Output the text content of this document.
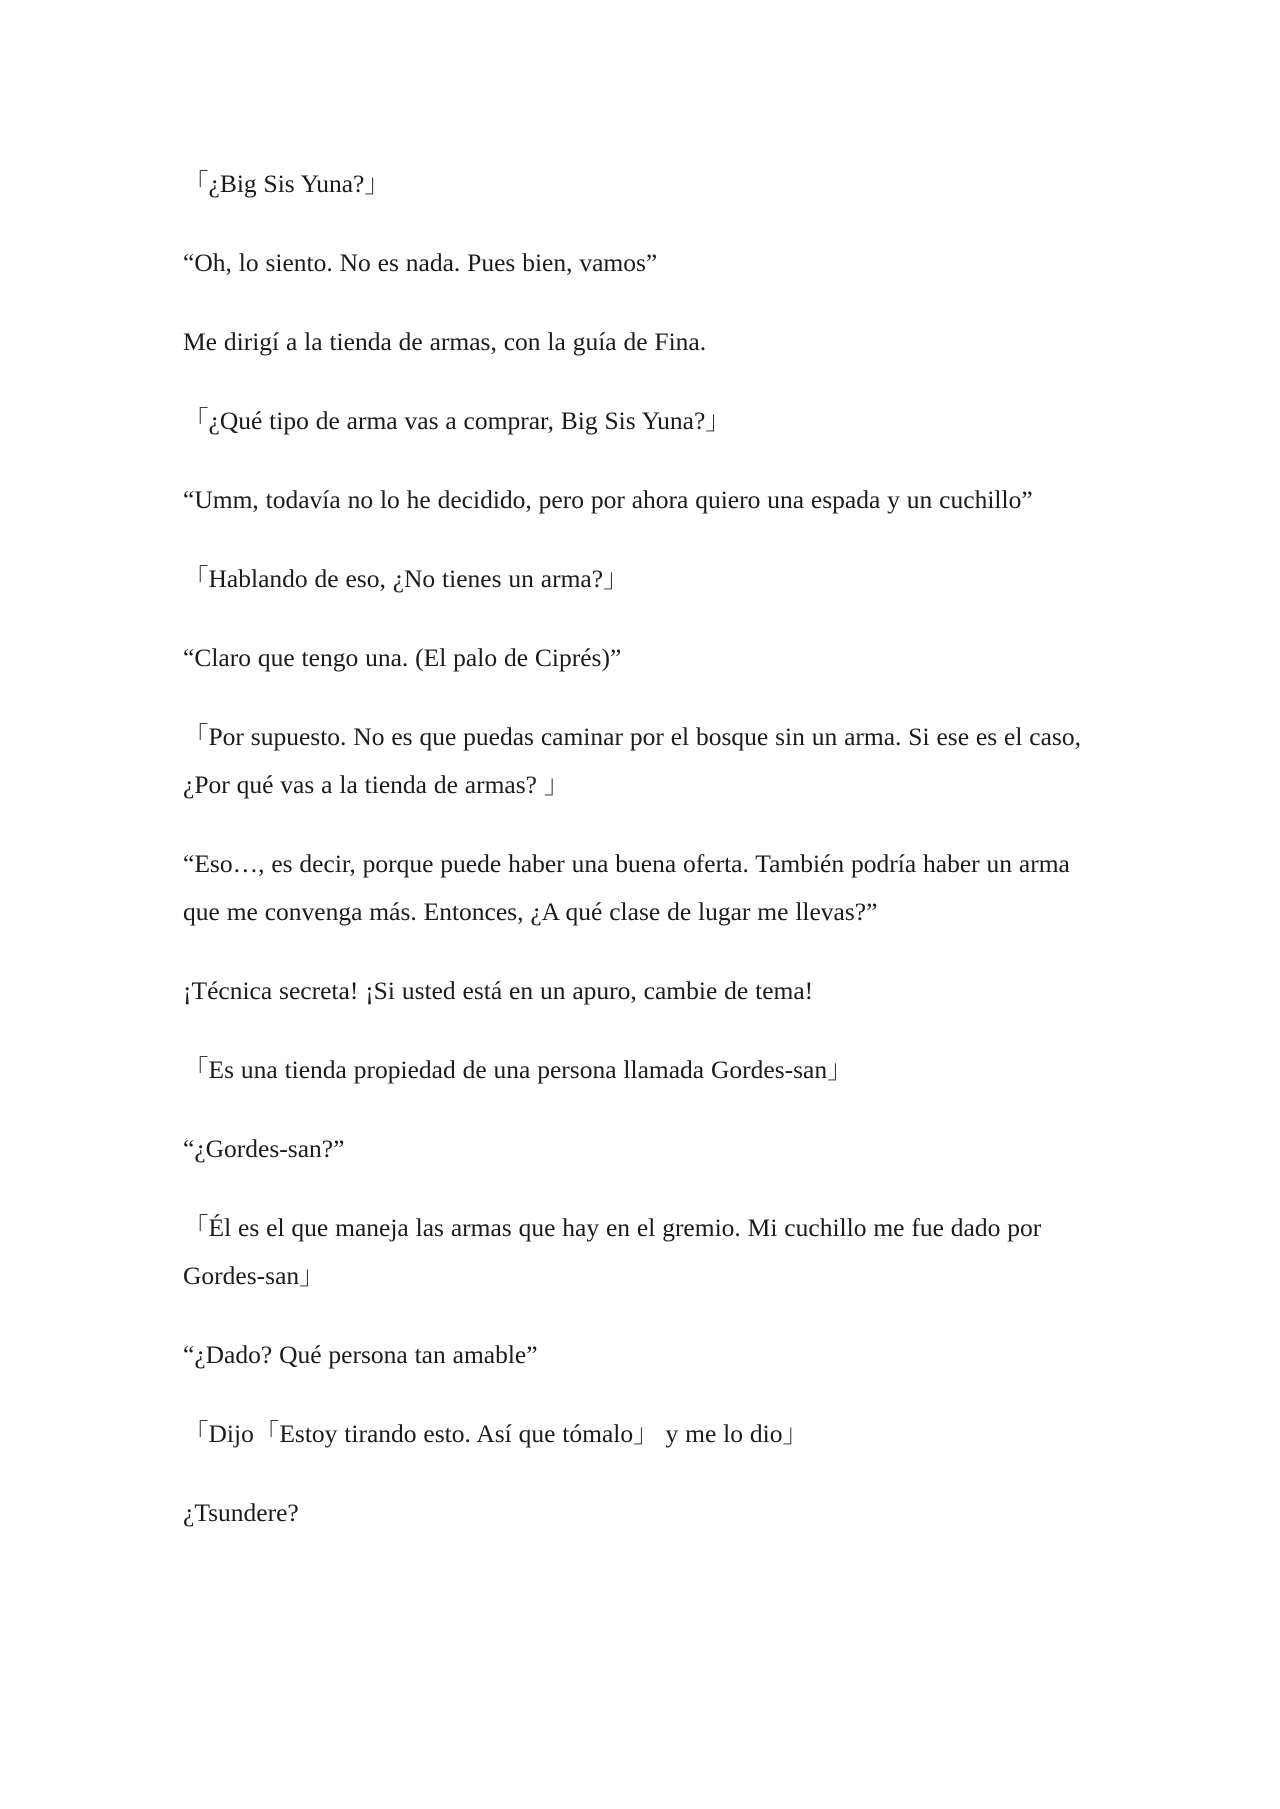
「¿Big Sis Yuna?」

“Oh, lo siento. No es nada. Pues bien, vamos”

Me dirigí a la tienda de armas, con la guía de Fina.

「¿Qué tipo de arma vas a comprar, Big Sis Yuna?」

“Umm, todavía no lo he decidido, pero por ahora quiero una espada y un cuchillo”

「Hablando de eso, ¿No tienes un arma?」

“Claro que tengo una. (El palo de Ciprés)”

「Por supuesto. No es que puedas caminar por el bosque sin un arma. Si ese es el caso, ¿Por qué vas a la tienda de armas? 」

“Eso…, es decir, porque puede haber una buena oferta. También podría haber un arma que me convenga más. Entonces, ¿A qué clase de lugar me llevas?”

¡Técnica secreta! ¡Si usted está en un apuro, cambie de tema!

「Es una tienda propiedad de una persona llamada Gordes-san」

“¿Gordes-san?”

「Él es el que maneja las armas que hay en el gremio. Mi cuchillo me fue dado por Gordes-san」

“¿Dado? Qué persona tan amable”

「Dijo「Estoy tirando esto. Así que tómalo」 y me lo dio」

¿Tsundere?
